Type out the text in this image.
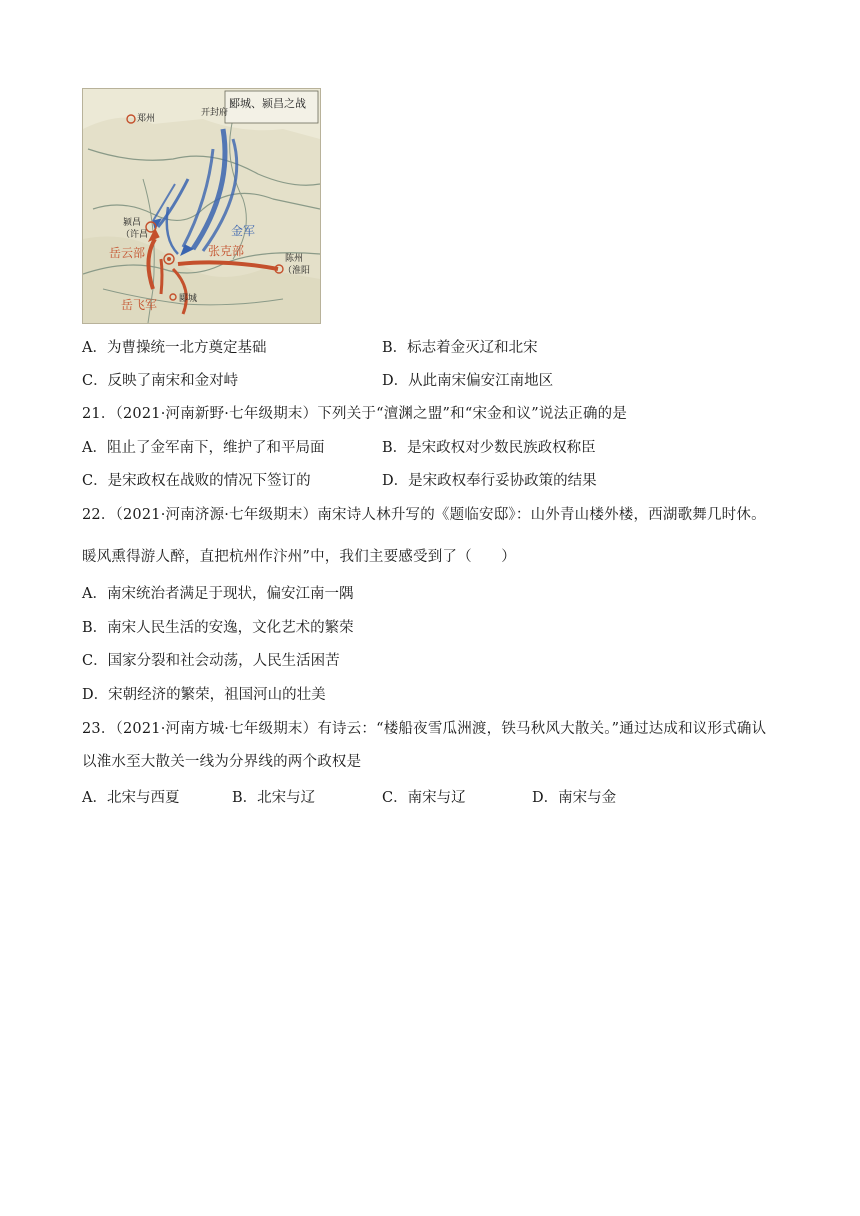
郾城、颍昌之战
开封府
郑州
颍昌
（许昌	金军
岳云部	张克部
陈州
（淮阳
岳飞军 郾城
A．为曹操统一北方奠定基础	B．标志着金灭辽和北宋
C．反映了南宋和金对峙	D．从此南宋偏安江南地区
21．（2021·河南新野·七年级期末）下列关于“澶渊之盟”和“宋金和议”说法正确的是
A．阻止了金军南下，维护了和平局面	B．是宋政权对少数民族政权称臣
C．是宋政权在战败的情况下签订的	D．是宋政权奉行妥协政策的结果
22．（2021·河南济源·七年级期末）南宋诗人林升写的《题临安邸》：山外青山楼外楼，西湖歌舞几时休。
暖风熏得游人醉，直把杭州作汴州”中，我们主要感受到了（　　）
A．南宋统治者满足于现状，偏安江南一隅
B．南宋人民生活的安逸，文化艺术的繁荣
C．国家分裂和社会动荡，人民生活困苦
D．宋朝经济的繁荣，祖国河山的壮美
23．（2021·河南方城·七年级期末）有诗云：“楼船夜雪瓜洲渡，铁马秋风大散关。”通过达成和议形式确认
以淮水至大散关一线为分界线的两个政权是
A．北宋与西夏	B．北宋与辽	C．南宋与辽	D．南宋与金
